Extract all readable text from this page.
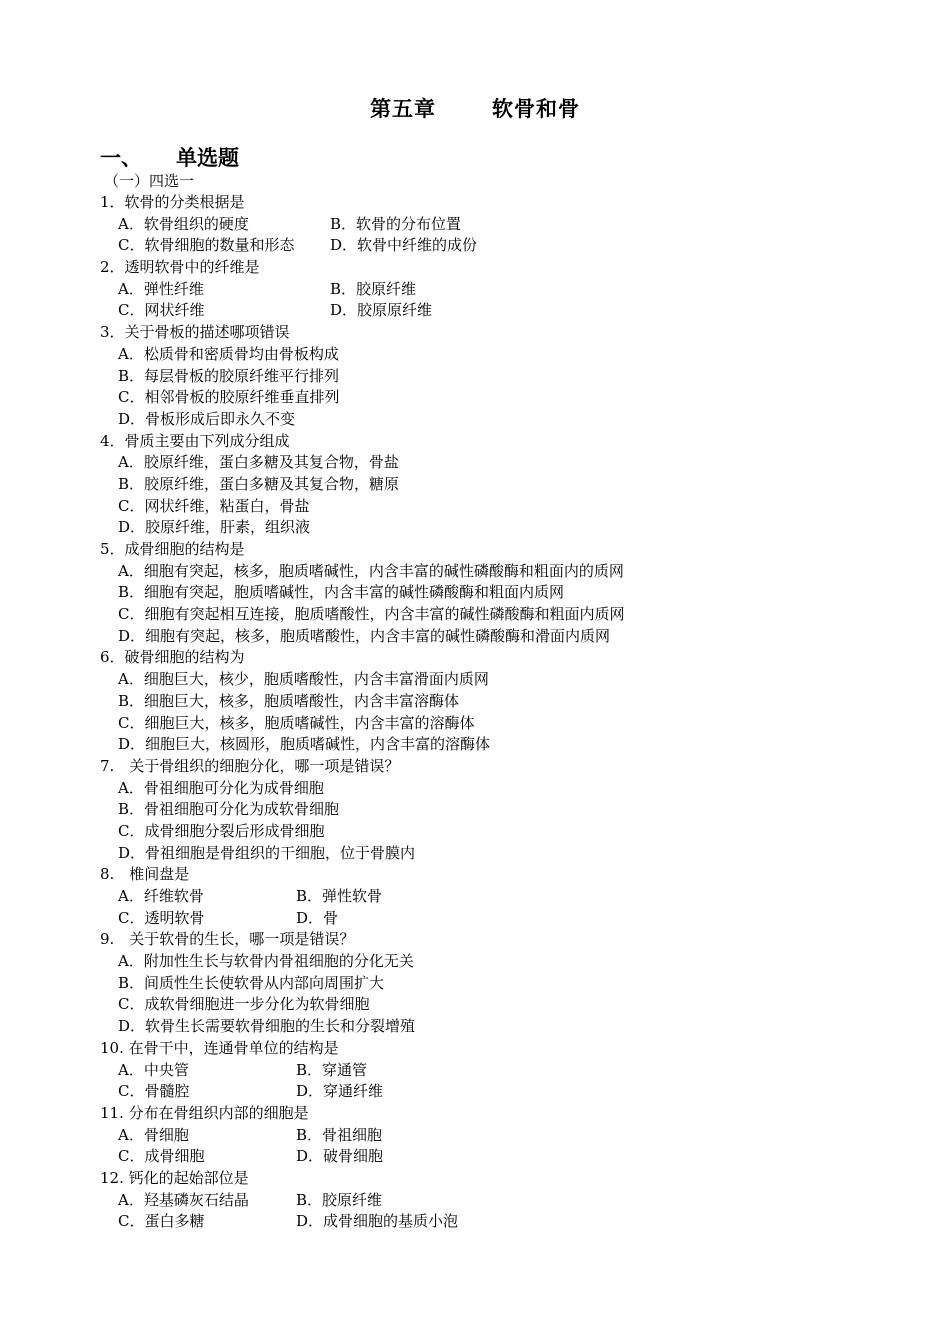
第五章	软骨和骨
一、 单选题
（一）四选一
1．软骨的分类根据是
A．软骨组织的硬度	B．软骨的分布位置
C．软骨细胞的数量和形态 D．软骨中纤维的成份
2．透明软骨中的纤维是
A．弹性纤维	B．胶原纤维
C．网状纤维	D．胶原原纤维
3．关于骨板的描述哪项错误
A．松质骨和密质骨均由骨板构成
B．每层骨板的胶原纤维平行排列
C．相邻骨板的胶原纤维垂直排列
D．骨板形成后即永久不变
4．骨质主要由下列成分组成
A．胶原纤维，蛋白多糖及其复合物，骨盐
B．胶原纤维，蛋白多糖及其复合物，糖原
C．网状纤维，粘蛋白，骨盐
D．胶原纤维，肝素，组织液
5．成骨细胞的结构是
A．细胞有突起，核多，胞质嗜碱性，内含丰富的碱性磷酸酶和粗面内的质网
B．细胞有突起，胞质嗜碱性，内含丰富的碱性磷酸酶和粗面内质网
C．细胞有突起相互连接，胞质嗜酸性，内含丰富的碱性磷酸酶和粗面内质网
D．细胞有突起，核多，胞质嗜酸性，内含丰富的碱性磷酸酶和滑面内质网
6．破骨细胞的结构为
A．细胞巨大，核少，胞质嗜酸性，内含丰富滑面内质网
B．细胞巨大，核多，胞质嗜酸性，内含丰富溶酶体
C．细胞巨大，核多，胞质嗜碱性，内含丰富的溶酶体
D．细胞巨大，核圆形，胞质嗜碱性，内含丰富的溶酶体
7.　关于骨组织的细胞分化，哪一项是错误？
A．骨祖细胞可分化为成骨细胞
B．骨祖细胞可分化为成软骨细胞
C．成骨细胞分裂后形成骨细胞
D．骨祖细胞是骨组织的干细胞，位于骨膜内
8.　椎间盘是
A．纤维软骨	B．弹性软骨
C．透明软骨	D．骨
9.　关于软骨的生长，哪一项是错误？
A．附加性生长与软骨内骨祖细胞的分化无关
B．间质性生长使软骨从内部向周围扩大
C．成软骨细胞进一步分化为软骨细胞
D．软骨生长需要软骨细胞的生长和分裂增殖
10. 在骨干中，连通骨单位的结构是
A．中央管	B．穿通管
C．骨髓腔	D．穿通纤维
11. 分布在骨组织内部的细胞是
A．骨细胞	B．骨祖细胞
C．成骨细胞	D．破骨细胞
12. 钙化的起始部位是
A．羟基磷灰石结晶	B．胶原纤维
C．蛋白多糖	D．成骨细胞的基质小泡
